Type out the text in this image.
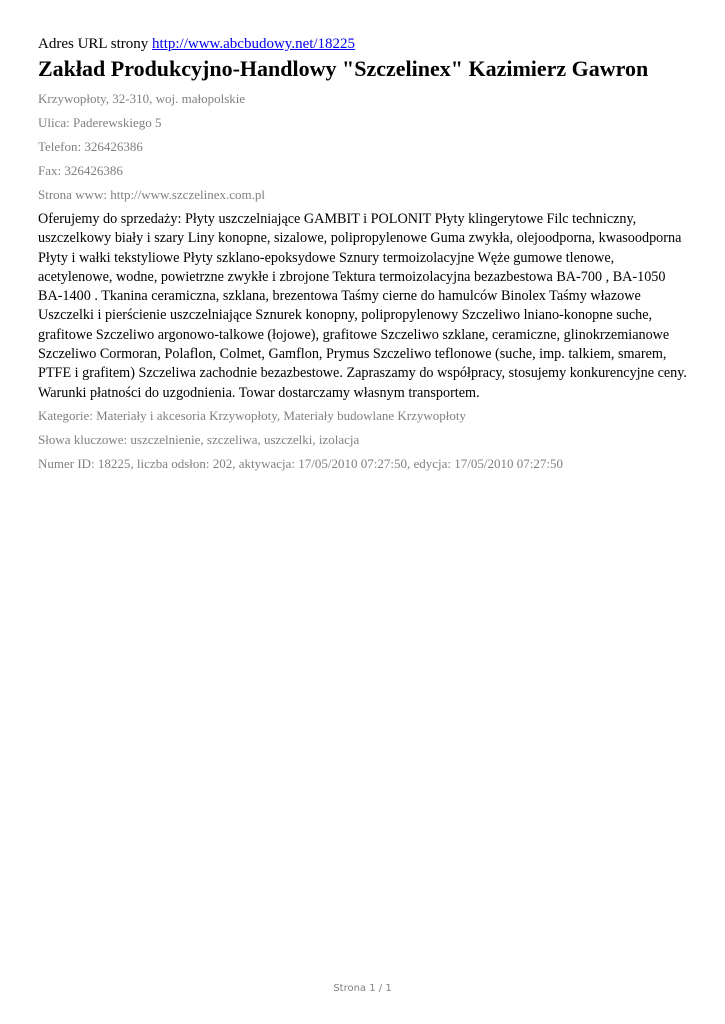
Adres URL strony http://www.abcbudowy.net/18225

Zakład Produkcyjno-Handlowy "Szczelinex" Kazimierz Gawron

Krzywopłoty, 32-310, woj. małopolskie

Ulica: Paderewskiego 5

Telefon: 326426386

Fax: 326426386

Strona www: http://www.szczelinex.com.pl

Oferujemy do sprzedaży: Płyty uszczelniające GAMBIT i POLONIT Płyty klingerytowe Filc techniczny, uszczelkowy biały i szary Liny konopne, sizalowe, polipropylenowe Guma zwykła, olejoodporna, kwasoodporna Płyty i wałki tekstyliowe Płyty szklano-epoksydowe Sznury termoizolacyjne Węże gumowe tlenowe, acetylenowe, wodne, powietrzne zwykłe i zbrojone Tektura termoizolacyjna bezazbestowa BA-700 , BA-1050 BA-1400 . Tkanina ceramiczna, szklana, brezentowa Taśmy cierne do hamulców Binolex Taśmy włazowe Uszczelki i pierścienie uszczelniające Sznurek konopny, polipropylenowy Szczeliwo lniano-konopne suche, grafitowe Szczeliwo argonowo-talkowe (łojowe), grafitowe Szczeliwo szklane, ceramiczne, glinokrzemianowe Szczeliwo Cormoran, Polaflon, Colmet, Gamflon, Prymus Szczeliwo teflonowe (suche, imp. talkiem, smarem, PTFE i grafitem) Szczeliwa zachodnie bezazbestowe. Zapraszamy do współpracy, stosujemy konkurencyjne ceny. Warunki płatności do uzgodnienia. Towar dostarczamy własnym transportem.

Kategorie: Materiały i akcesoria Krzywopłoty, Materiały budowlane Krzywopłoty

Słowa kluczowe: uszczelnienie, szczeliwa, uszczelki, izolacja

Numer ID: 18225, liczba odsłon: 202, aktywacja: 17/05/2010 07:27:50, edycja: 17/05/2010 07:27:50

Strona 1 / 1
